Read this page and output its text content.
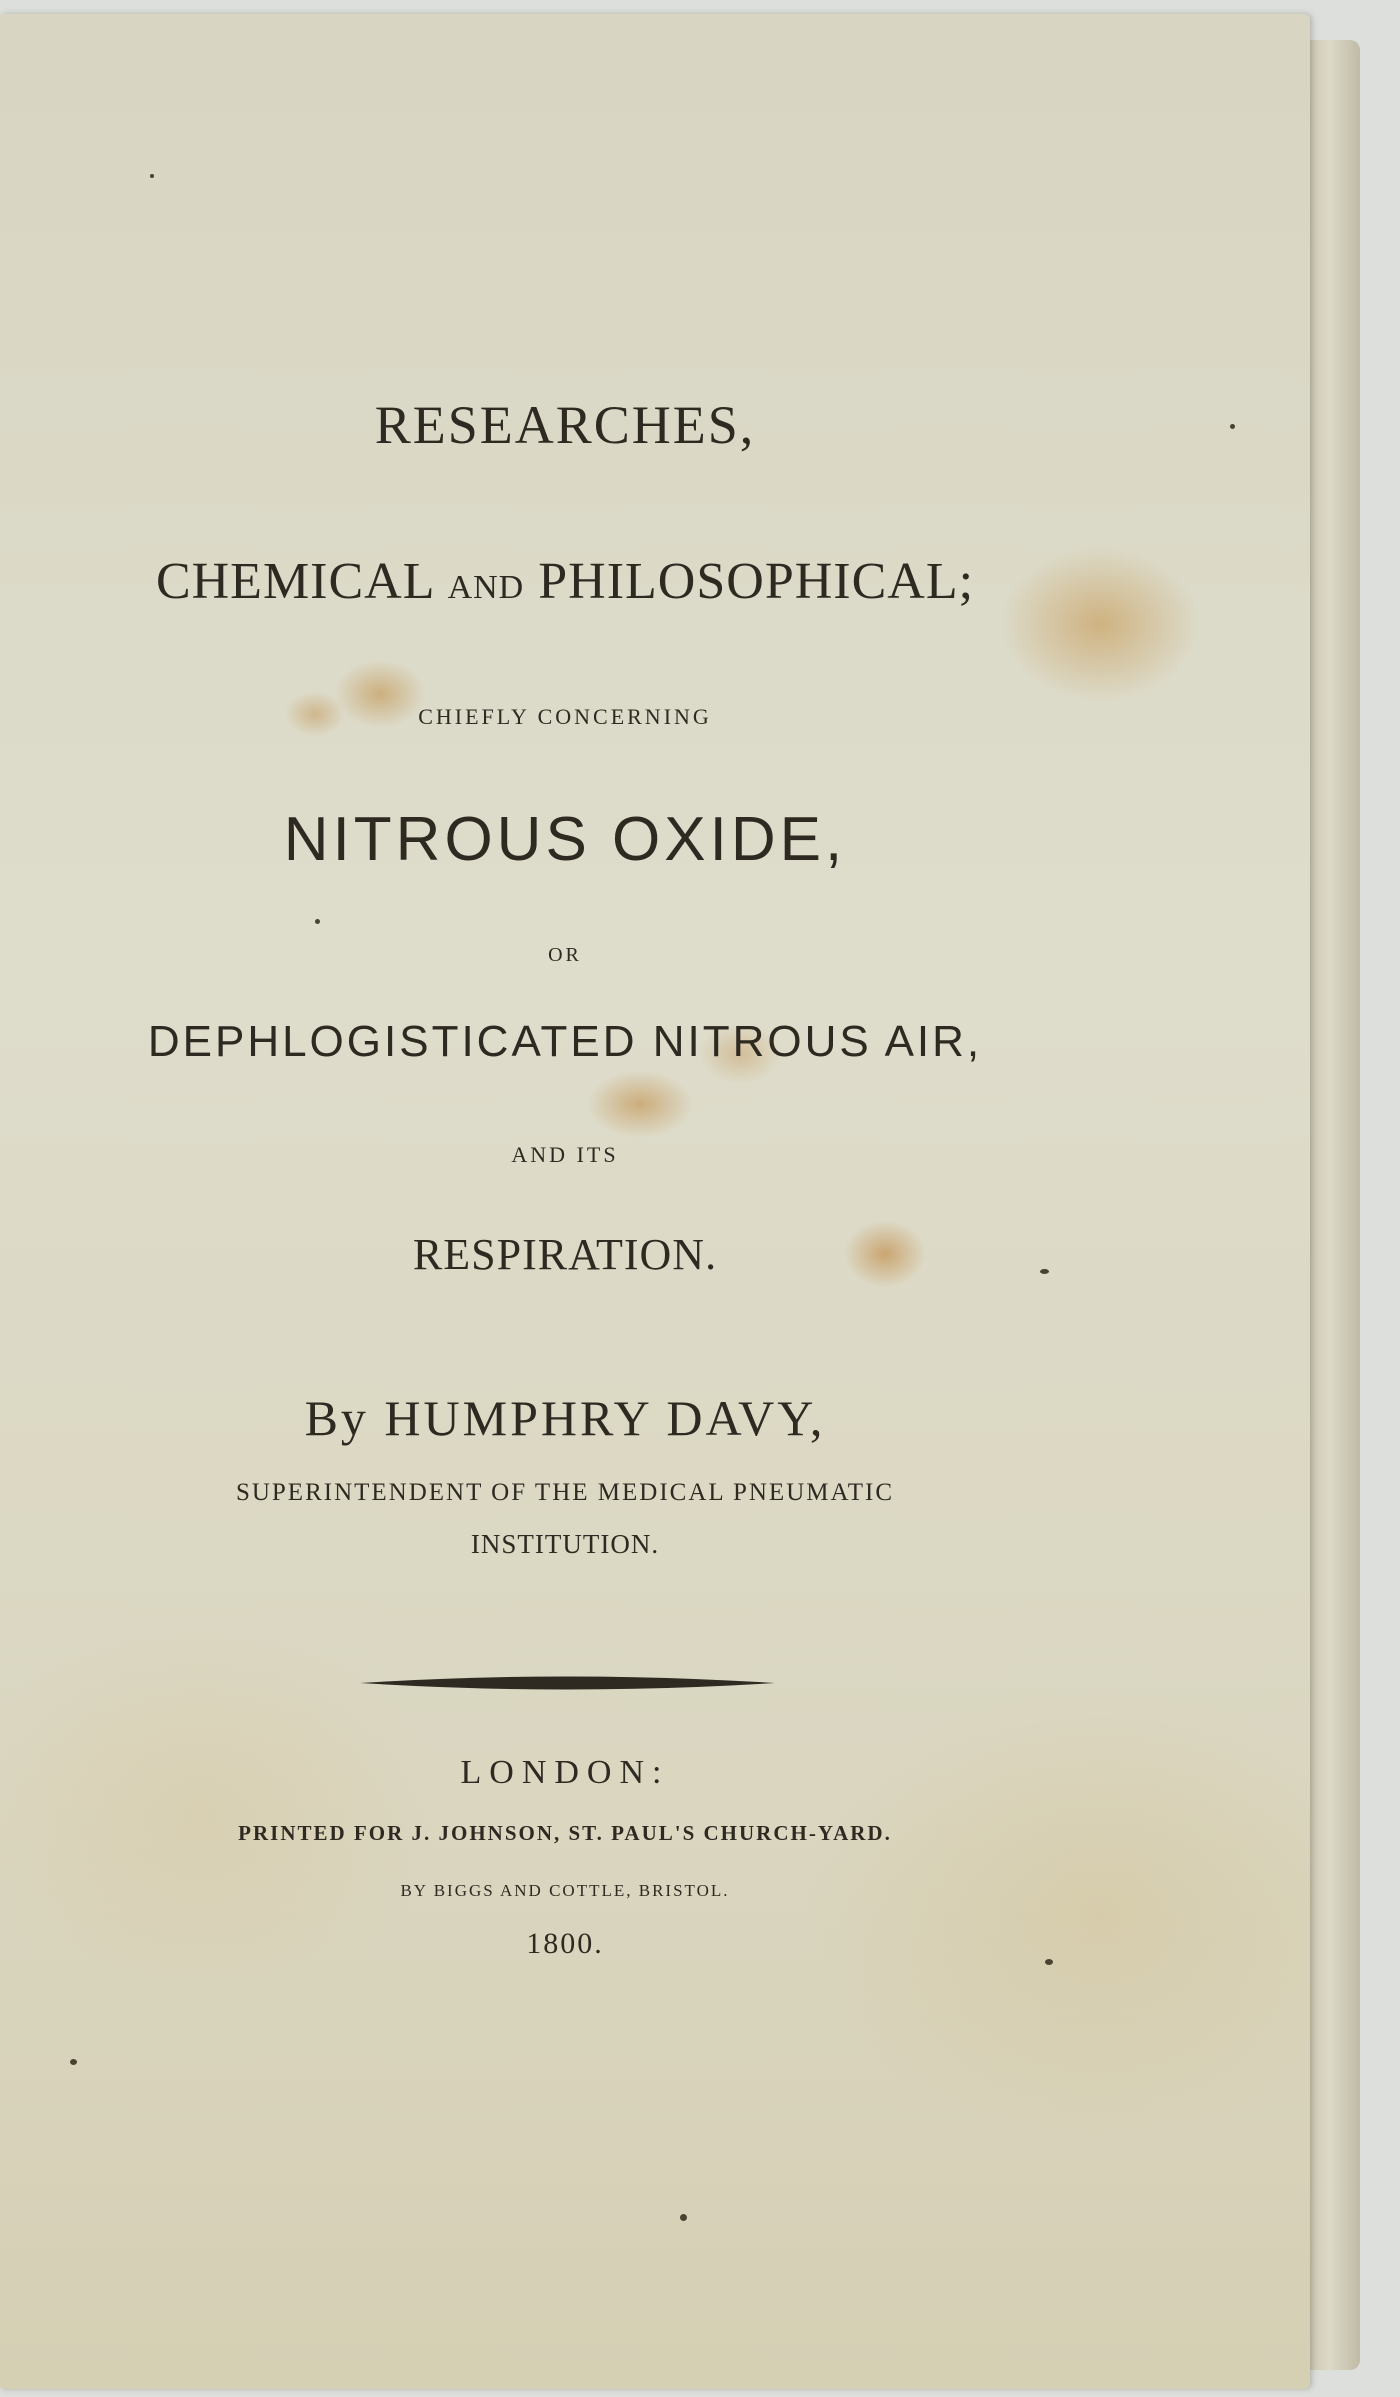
RESEARCHES,
CHEMICAL AND PHILOSOPHICAL;
CHIEFLY CONCERNING
NITROUS OXIDE,
OR
DEPHLOGISTICATED NITROUS AIR,
AND ITS
RESPIRATION.
By HUMPHRY DAVY,
SUPERINTENDENT OF THE MEDICAL PNEUMATIC
INSTITUTION.
LONDON:
PRINTED FOR J. JOHNSON, ST. PAUL'S CHURCH-YARD.
BY BIGGS AND COTTLE, BRISTOL.
1800.
